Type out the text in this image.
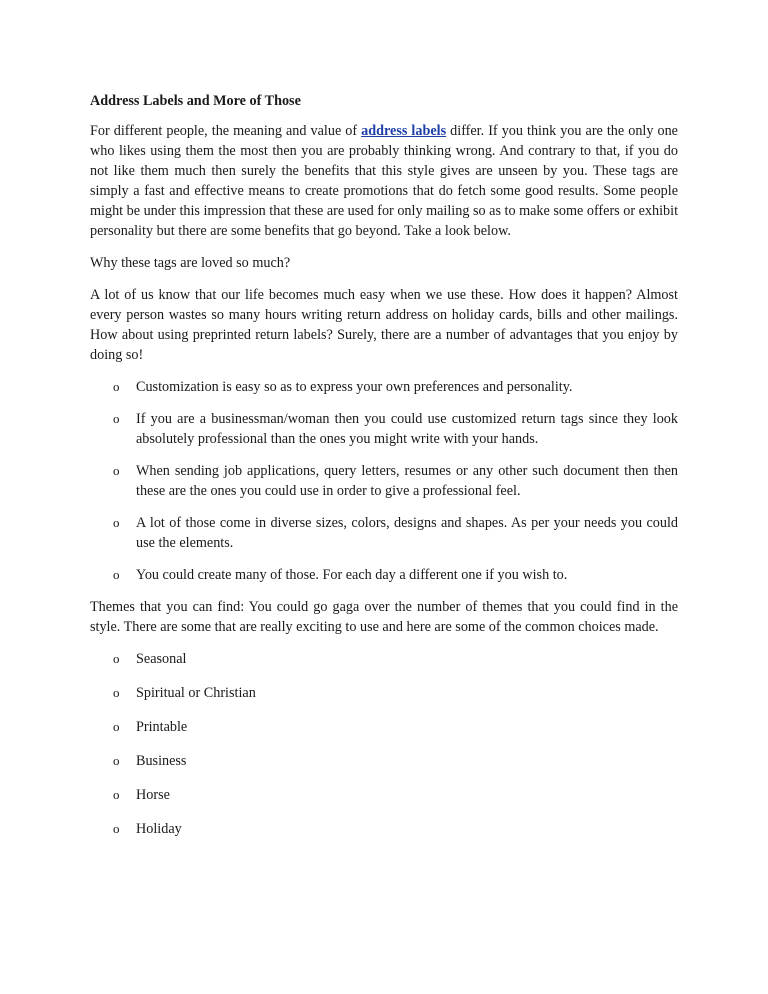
Address Labels and More of Those

For different people, the meaning and value of address labels differ. If you think you are the only one who likes using them the most then you are probably thinking wrong. And contrary to that, if you do not like them much then surely the benefits that this style gives are unseen by you. These tags are simply a fast and effective means to create promotions that do fetch some good results. Some people might be under this impression that these are used for only mailing so as to make some offers or exhibit personality but there are some benefits that go beyond. Take a look below.

Why these tags are loved so much?

A lot of us know that our life becomes much easy when we use these. How does it happen? Almost every person wastes so many hours writing return address on holiday cards, bills and other mailings. How about using preprinted return labels? Surely, there are a number of advantages that you enjoy by doing so!

o Customization is easy so as to express your own preferences and personality.
o If you are a businessman/woman then you could use customized return tags since they look absolutely professional than the ones you might write with your hands.
o When sending job applications, query letters, resumes or any other such document then then these are the ones you could use in order to give a professional feel.
o A lot of those come in diverse sizes, colors, designs and shapes. As per your needs you could use the elements.
o You could create many of those. For each day a different one if you wish to.

Themes that you can find: You could go gaga over the number of themes that you could find in the style. There are some that are really exciting to use and here are some of the common choices made.

o Seasonal
o Spiritual or Christian
o Printable
o Business
o Horse
o Holiday
